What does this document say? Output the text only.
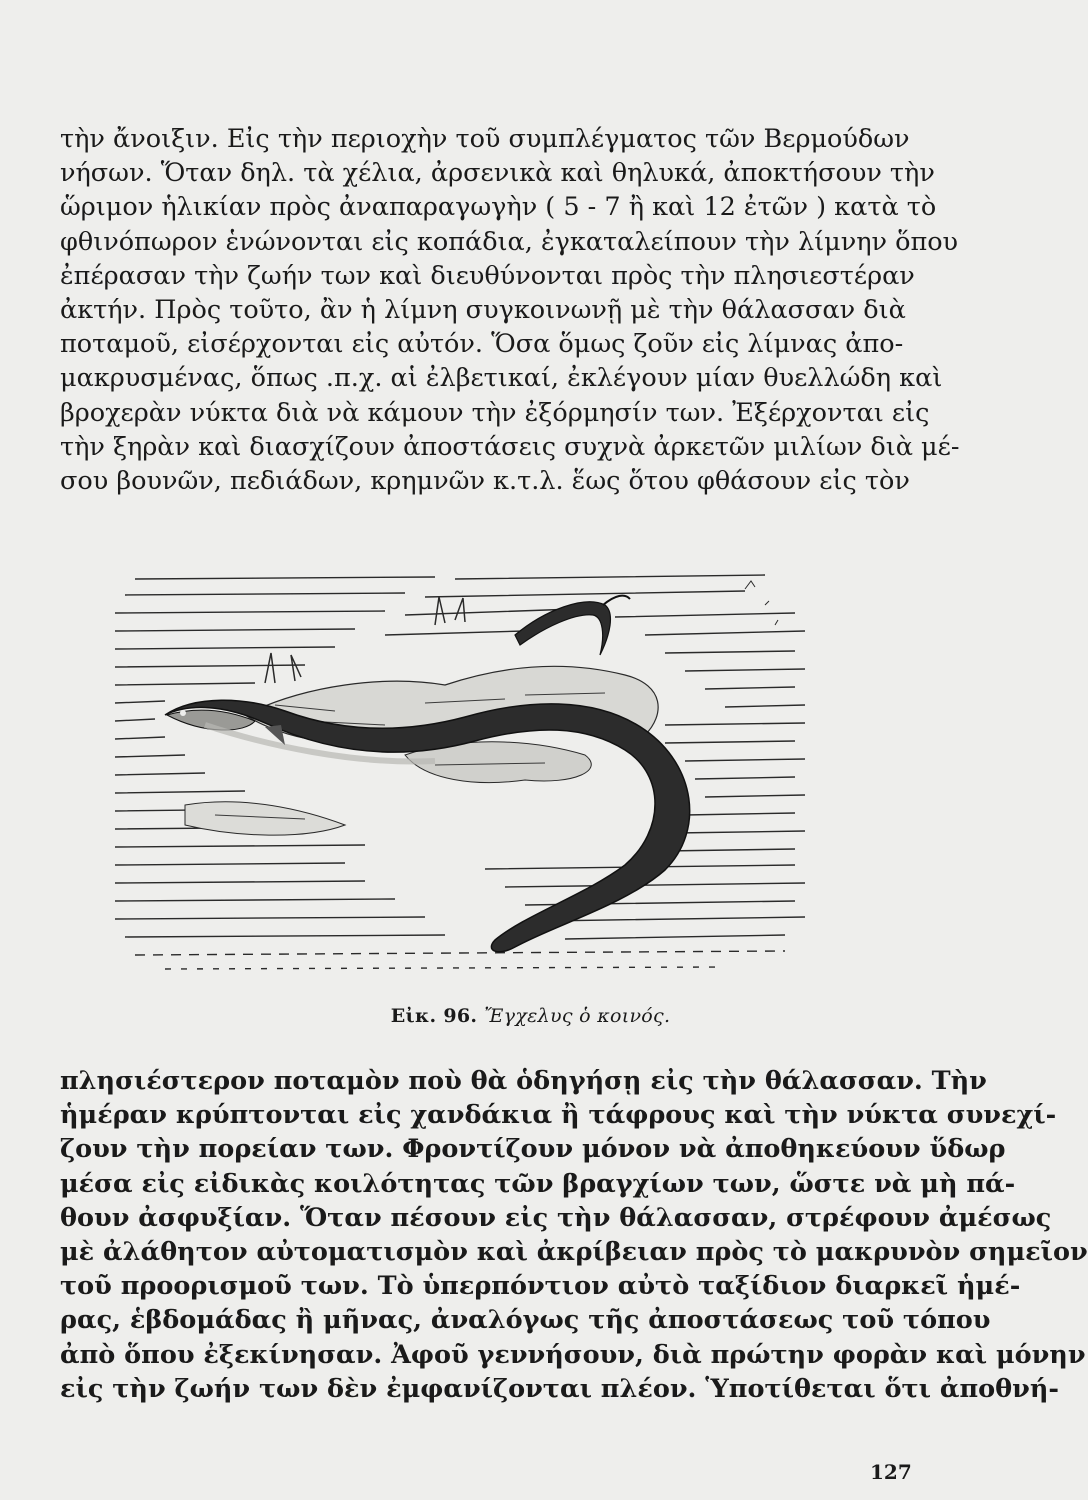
τὴν ἄνοιξιν. Εἰς τὴν περιοχὴν τοῦ συμπλέγματος τῶν Βερμούδων
νήσων. Ὅταν δηλ. τὰ χέλια, ἀρσενικὰ καὶ θηλυκά, ἀποκτήσουν τὴν
ὥριμον ἡλικίαν πρὸς ἀναπαραγωγὴν ( 5 - 7 ἢ καὶ 12 ἐτῶν ) κατὰ τὸ
φθινόπωρον ἑνώνονται εἰς κοπάδια, ἐγκαταλείπουν τὴν λίμνην ὅπου
ἐπέρασαν τὴν ζωήν των καὶ διευθύνονται πρὸς τὴν πλησιεστέραν
ἀκτήν. Πρὸς τοῦτο, ἂν ἡ λίμνη συγκοινωνῇ μὲ τὴν θάλασσαν διὰ
ποταμοῦ, εἰσέρχονται εἰς αὐτόν. Ὅσα ὅμως ζοῦν εἰς λίμνας ἀπο-
μακρυσμένας, ὅπως .π.χ. αἱ ἐλβετικαί, ἐκλέγουν μίαν θυελλώδη καὶ
βροχερὰν νύκτα διὰ νὰ κάμουν τὴν ἐξόρμησίν των. Ἐξέρχονται εἰς
τὴν ξηρὰν καὶ διασχίζουν ἀποστάσεις συχνὰ ἀρκετῶν μιλίων διὰ μέ-
σου βουνῶν, πεδιάδων, κρημνῶν κ.τ.λ. ἕως ὅτου φθάσουν εἰς τὸν
Εἰκ. 96. Ἔγχελυς ὁ κοινός.
πλησιέστερον ποταμὸν ποὺ θὰ ὁδηγήσῃ εἰς τὴν θάλασσαν. Τὴν
ἡμέραν κρύπτονται εἰς χανδάκια ἢ τάφρους καὶ τὴν νύκτα συνεχί-
ζουν τὴν πορείαν των. Φροντίζουν μόνον νὰ ἀποθηκεύουν ὕδωρ
μέσα εἰς εἰδικὰς κοιλότητας τῶν βραγχίων των, ὥστε νὰ μὴ πά-
θουν ἀσφυξίαν. Ὅταν πέσουν εἰς τὴν θάλασσαν, στρέφουν ἀμέσως
μὲ ἀλάθητον αὐτοματισμὸν καὶ ἀκρίβειαν πρὸς τὸ μακρυνὸν σημεῖον
τοῦ προορισμοῦ των. Τὸ ὑπερπόντιον αὐτὸ ταξίδιον διαρκεῖ ἡμέ-
ρας, ἑβδομάδας ἢ μῆνας, ἀναλόγως τῆς ἀποστάσεως τοῦ τόπου
ἀπὸ ὅπου ἐξεκίνησαν. Ἀφοῦ γεννήσουν, διὰ πρώτην φορὰν καὶ μόνην
εἰς τὴν ζωήν των δὲν ἐμφανίζονται πλέον. Ὑποτίθεται ὅτι ἀποθνή-
127
